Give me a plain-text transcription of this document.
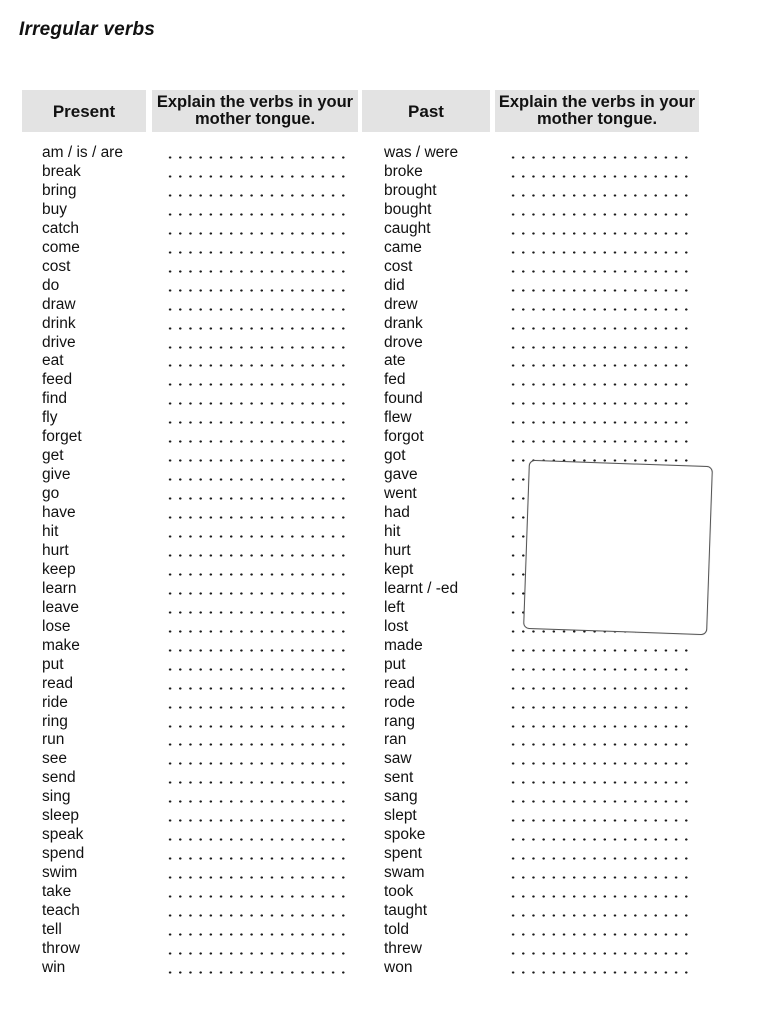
Irregular verbs
Present	Explain the verbs in your mother tongue.	Past	Explain the verbs in your mother tongue.
am / is / are	was / were
break	broke
bring	brought
buy	bought
catch	caught
come	came
cost	cost
do	did
draw	drew
drink	drank
drive	drove
eat	ate
feed	fed
find	found
fly	flew
forget	forgot
get	got
give	gave
go	went
have	had
hit	hit
hurt	hurt
keep	kept
learn	learnt / -ed
leave	left
lose	lost
make	made
put	put
read	read
ride	rode
ring	rang
run	ran
see	saw
send	sent
sing	sang
sleep	slept
speak	spoke
spend	spent
swim	swam
take	took
teach	taught
tell	told
throw	threw
win	won
